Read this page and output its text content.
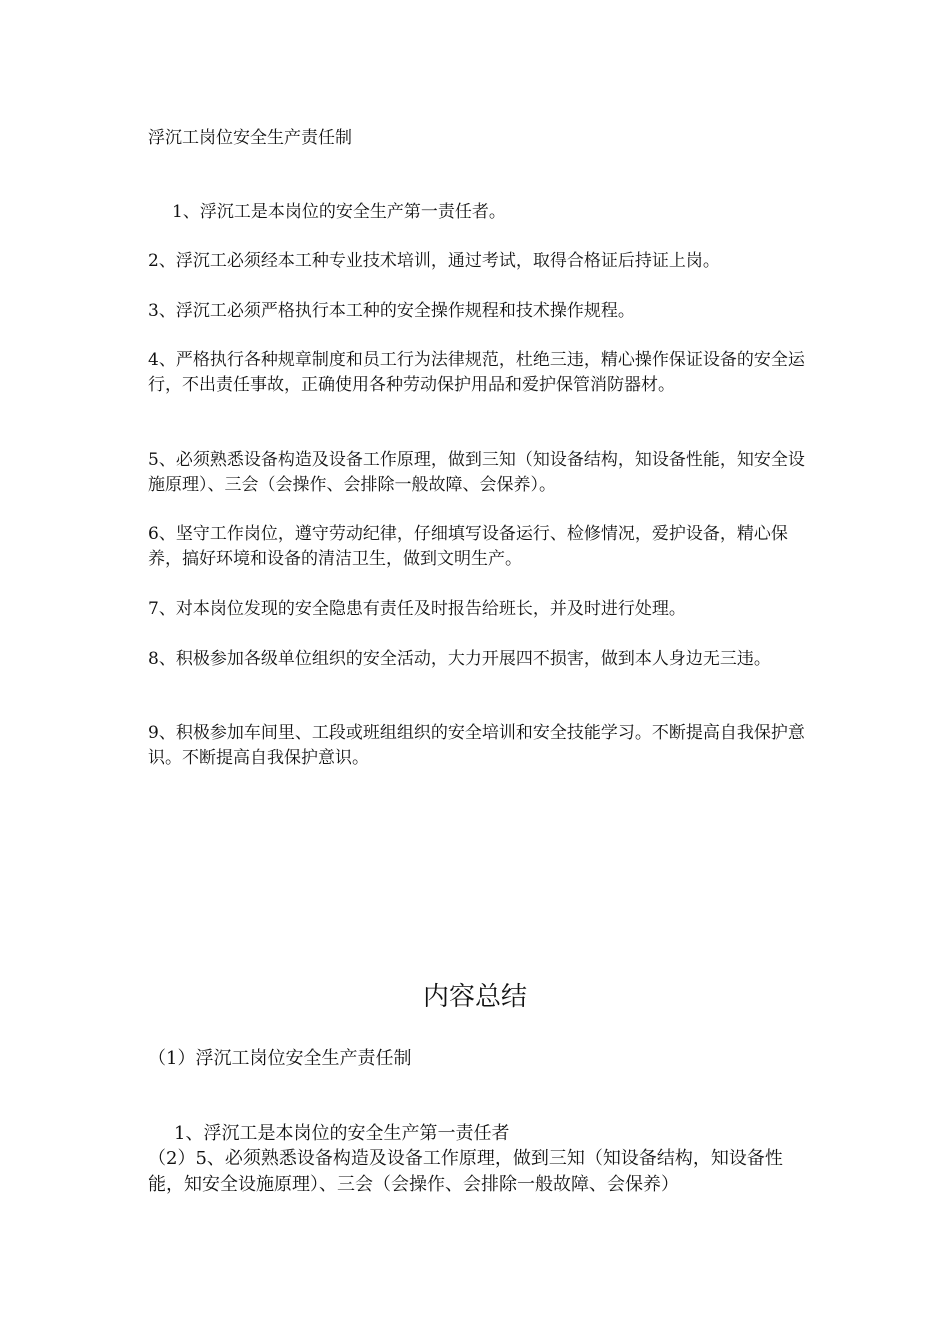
浮沉工岗位安全生产责任制
1、浮沉工是本岗位的安全生产第一责任者。
2、浮沉工必须经本工种专业技术培训，通过考试，取得合格证后持证上岗。
3、浮沉工必须严格执行本工种的安全操作规程和技术操作规程。
4、严格执行各种规章制度和员工行为法律规范，杜绝三违，精心操作保证设备的安全运行，不出责任事故，正确使用各种劳动保护用品和爱护保管消防器材。
5、必须熟悉设备构造及设备工作原理，做到三知（知设备结构，知设备性能，知安全设施原理）、三会（会操作、会排除一般故障、会保养）。
6、坚守工作岗位，遵守劳动纪律，仔细填写设备运行、检修情况，爱护设备，精心保养，搞好环境和设备的清洁卫生，做到文明生产。
7、对本岗位发现的安全隐患有责任及时报告给班长，并及时进行处理。
8、积极参加各级单位组织的安全活动，大力开展四不损害，做到本人身边无三违。
9、积极参加车间里、工段或班组组织的安全培训和安全技能学习。不断提高自我保护意识。不断提高自我保护意识。
内容总结
（1）浮沉工岗位安全生产责任制
1、浮沉工是本岗位的安全生产第一责任者
（2）5、必须熟悉设备构造及设备工作原理，做到三知（知设备结构，知设备性能，知安全设施原理）、三会（会操作、会排除一般故障、会保养）
